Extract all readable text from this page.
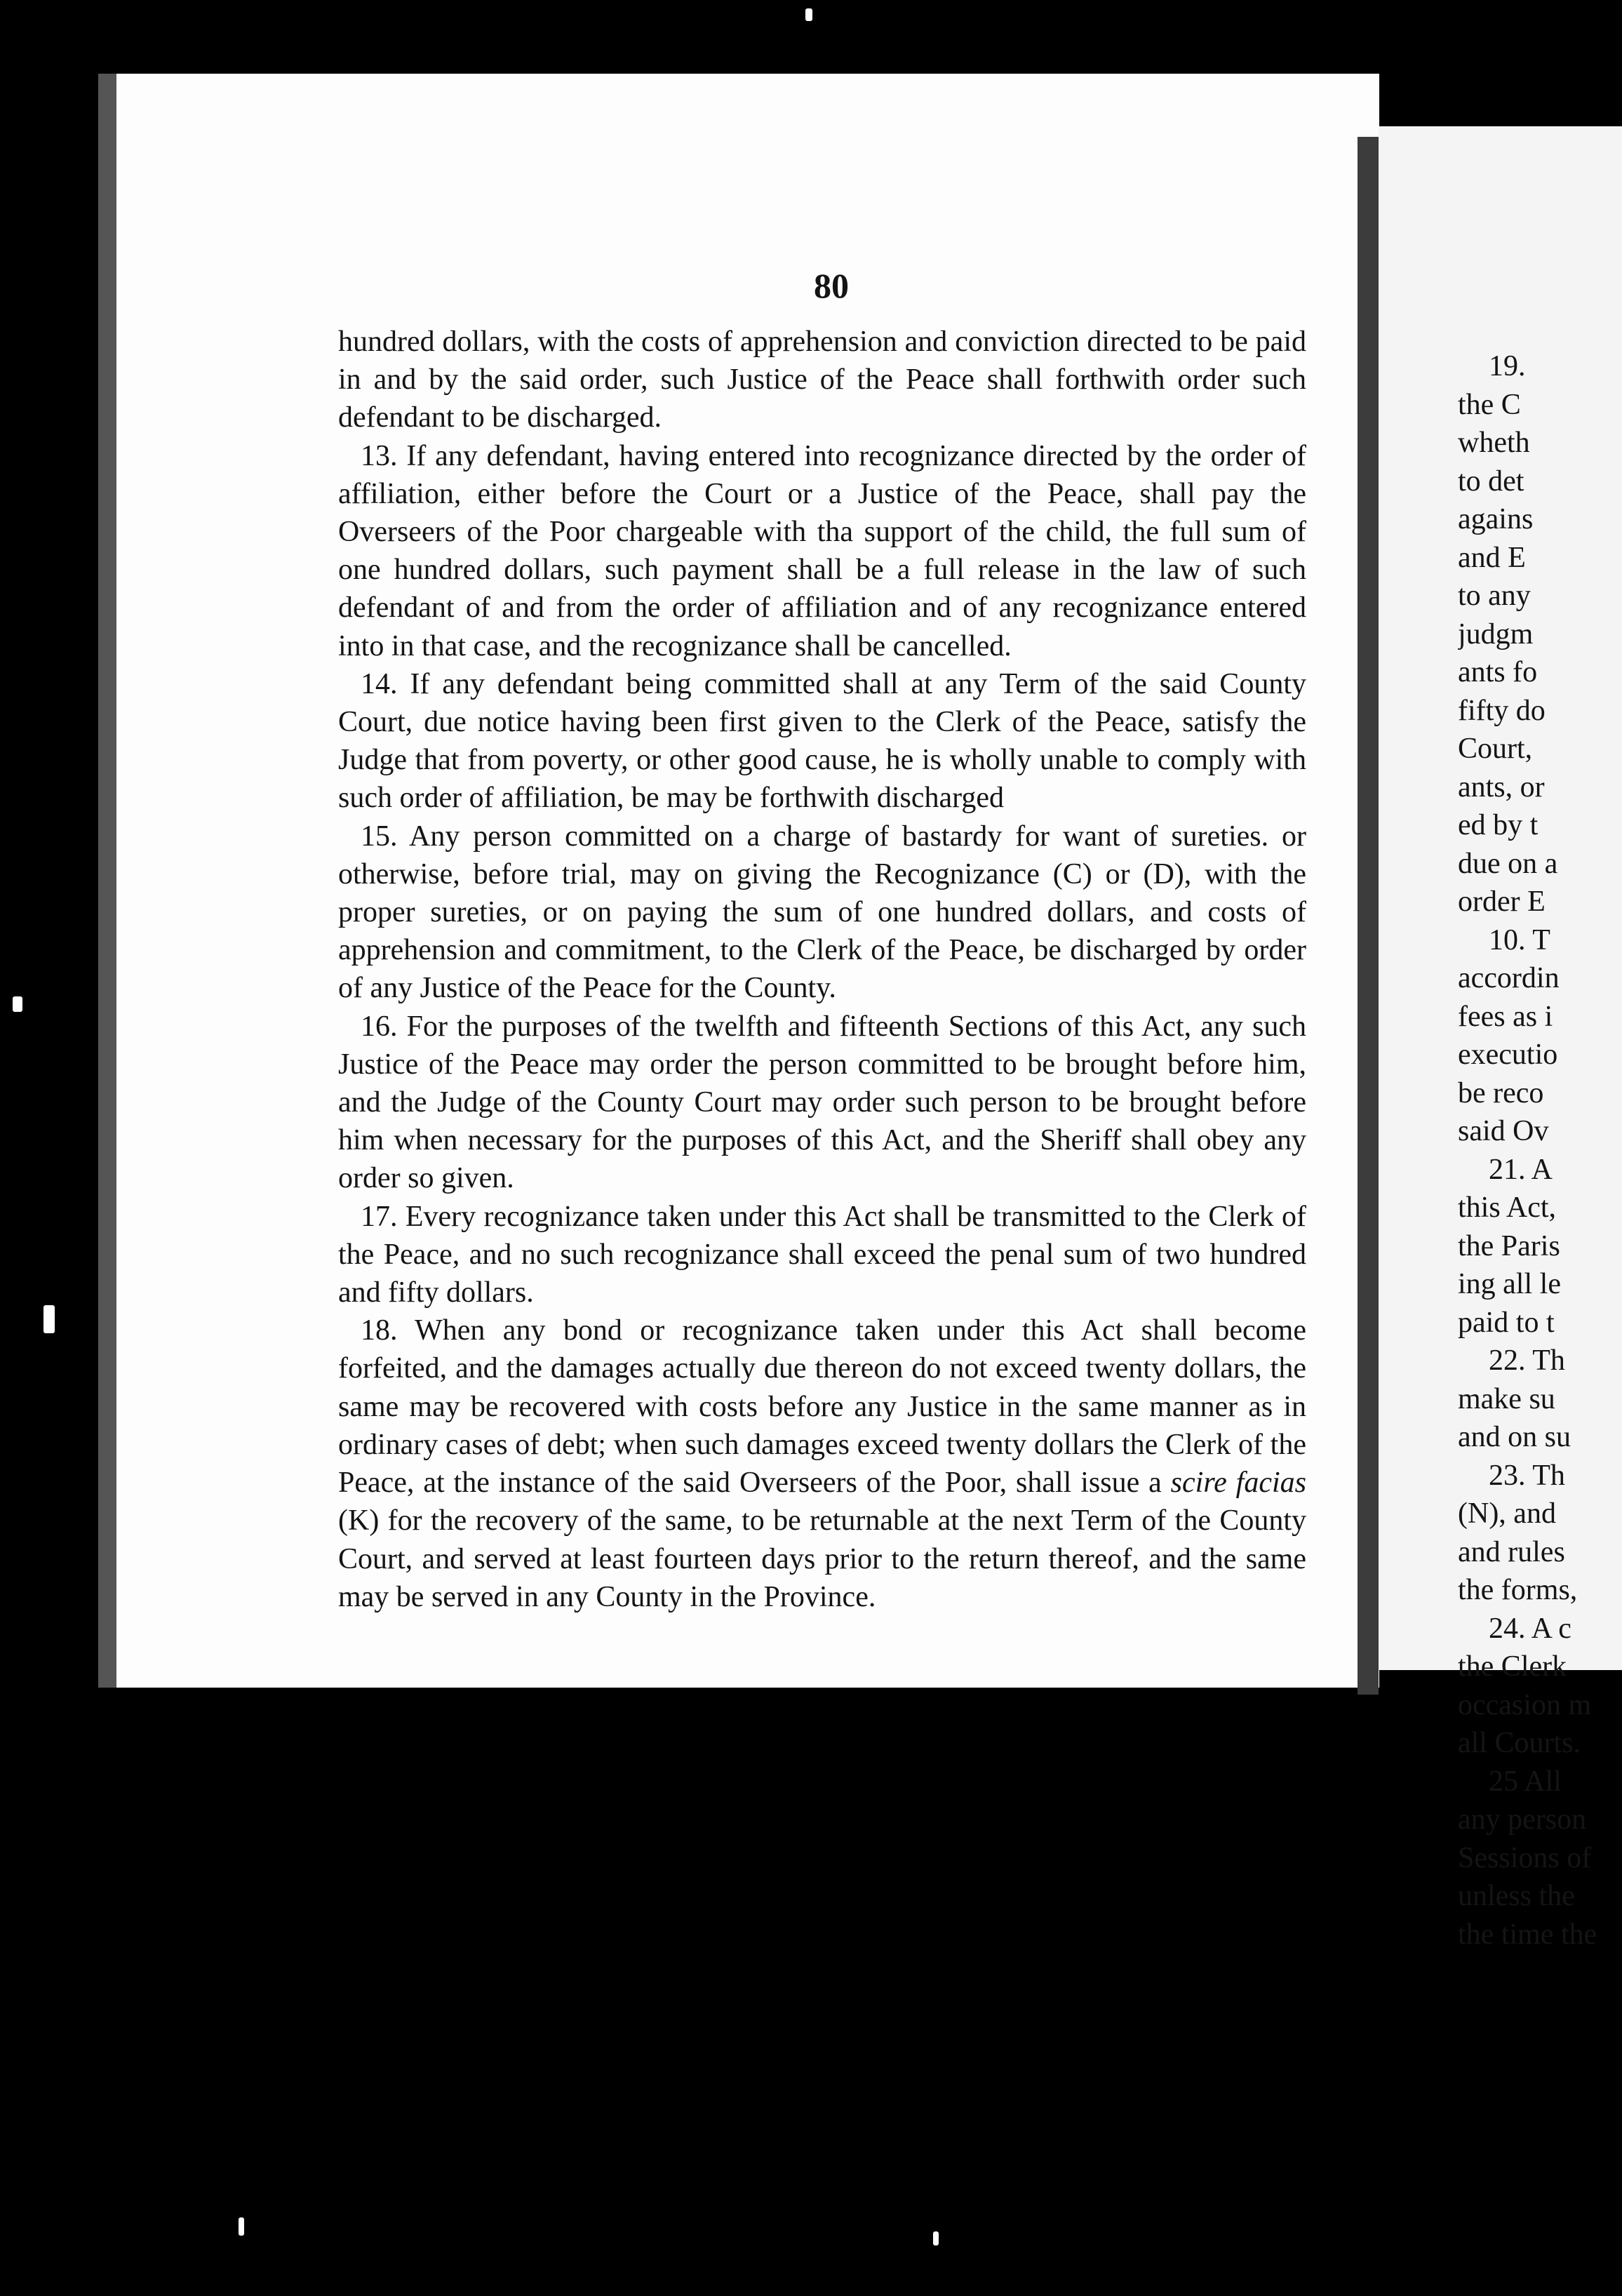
80

hundred dollars, with the costs of apprehension and conviction directed to be paid in and by the said order, such Justice of the Peace shall forthwith order such defendant to be discharged.

13. If any defendant, having entered into recognizance directed by the order of affiliation, either before the Court or a Justice of the Peace, shall pay the Overseers of the Poor chargeable with tha support of the child, the full sum of one hundred dollars, such payment shall be a full release in the law of such defendant of and from the order of affiliation and of any recognizance entered into in that case, and the recognizance shall be cancelled.

14. If any defendant being committed shall at any Term of the said County Court, due notice having been first given to the Clerk of the Peace, satisfy the Judge that from poverty, or other good cause, he is wholly unable to comply with such order of affiliation, be may be forthwith discharged

15. Any person committed on a charge of bastardy for want of sureties. or otherwise, before trial, may on giving the Recognizance (C) or (D), with the proper sureties, or on paying the sum of one hundred dollars, and costs of apprehension and commitment, to the Clerk of the Peace, be discharged by order of any Justice of the Peace for the County.

16. For the purposes of the twelfth and fifteenth Sections of this Act, any such Justice of the Peace may order the person committed to be brought before him, and the Judge of the County Court may order such person to be brought before him when necessary for the purposes of this Act, and the Sheriff shall obey any order so given.

17. Every recognizance taken under this Act shall be transmitted to the Clerk of the Peace, and no such recognizance shall exceed the penal sum of two hundred and fifty dollars.

18. When any bond or recognizance taken under this Act shall become forfeited, and the damages actually due thereon do not exceed twenty dollars, the same may be recovered with costs before any Justice in the same manner as in ordinary cases of debt; when such damages exceed twenty dollars the Clerk of the Peace, at the instance of the said Overseers of the Poor, shall issue a scire facias (K) for the recovery of the same, to be returnable at the next Term of the County Court, and served at least fourteen days prior to the return thereof, and the same may be served in any County in the Province.

19.
the C
wheth
to det
agains
and E
to any
judgm
ants fo
fifty do
Court,
ants, or
ed by t
due on a
order E
10. T
accordin
fees as i
executio
be reco
said Ov
21. A
this Act,
the Paris
ing all le
paid to t
22. Th
make su
and on su
23. Th
(N), and
and rules
the forms,
24. A c
the Clerk
occasion m
all Courts.
25 All
any person
Sessions of
unless the
the time the
